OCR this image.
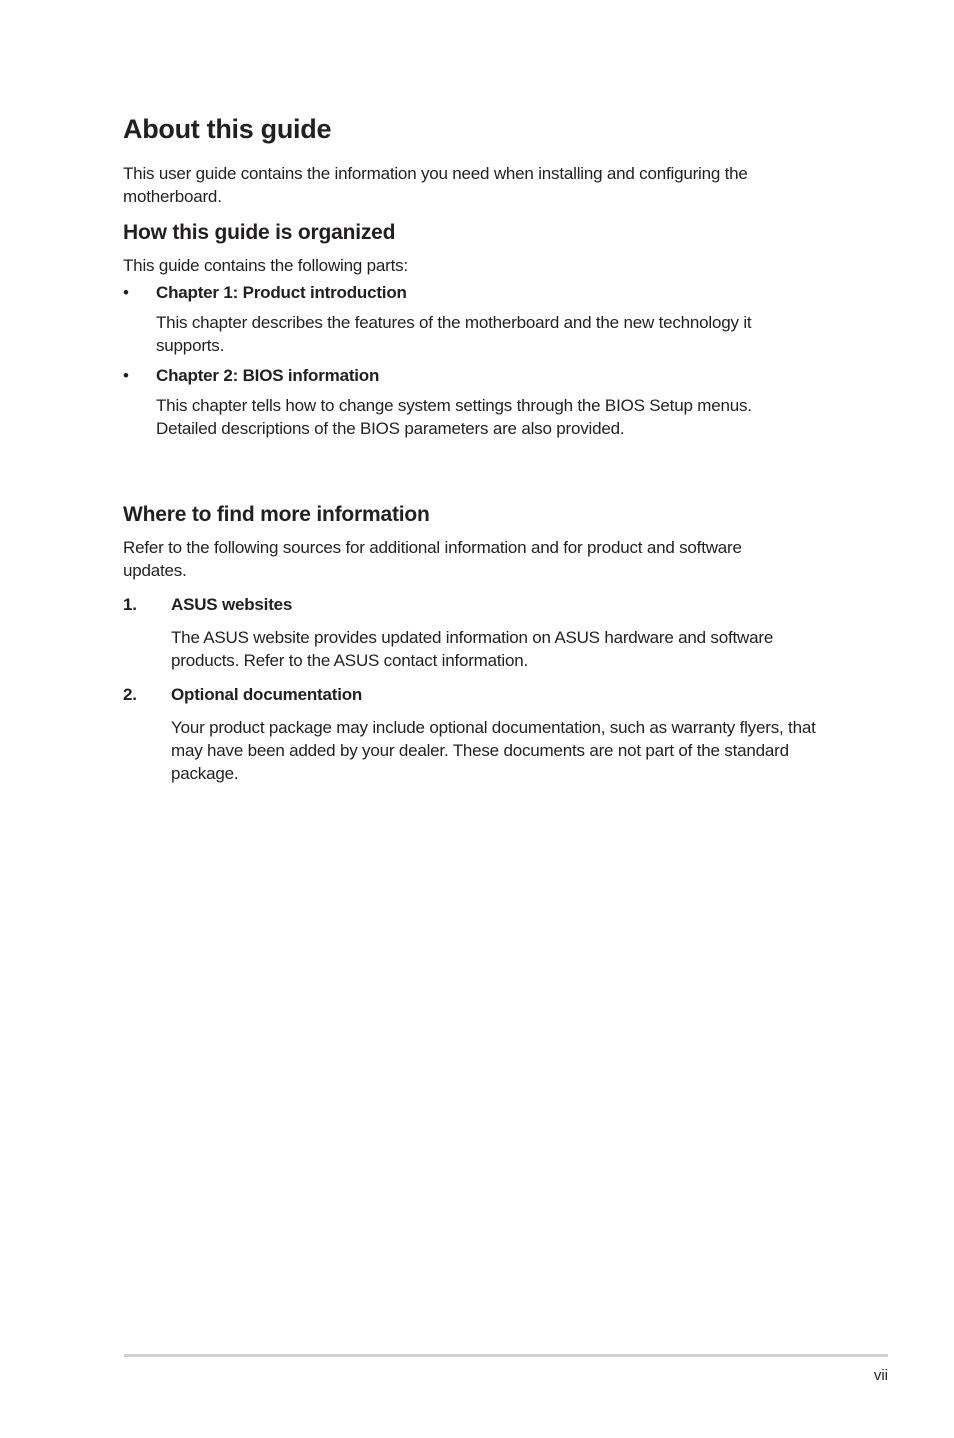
About this guide

This user guide contains the information you need when installing and configuring the motherboard.

How this guide is organized

This guide contains the following parts:

• Chapter 1: Product introduction

This chapter describes the features of the motherboard and the new technology it supports.

• Chapter 2: BIOS information

This chapter tells how to change system settings through the BIOS Setup menus. Detailed descriptions of the BIOS parameters are also provided.

Where to find more information

Refer to the following sources for additional information and for product and software updates.

1. ASUS websites

The ASUS website provides updated information on ASUS hardware and software products. Refer to the ASUS contact information.

2. Optional documentation

Your product package may include optional documentation, such as warranty flyers, that may have been added by your dealer. These documents are not part of the standard package.

vii
